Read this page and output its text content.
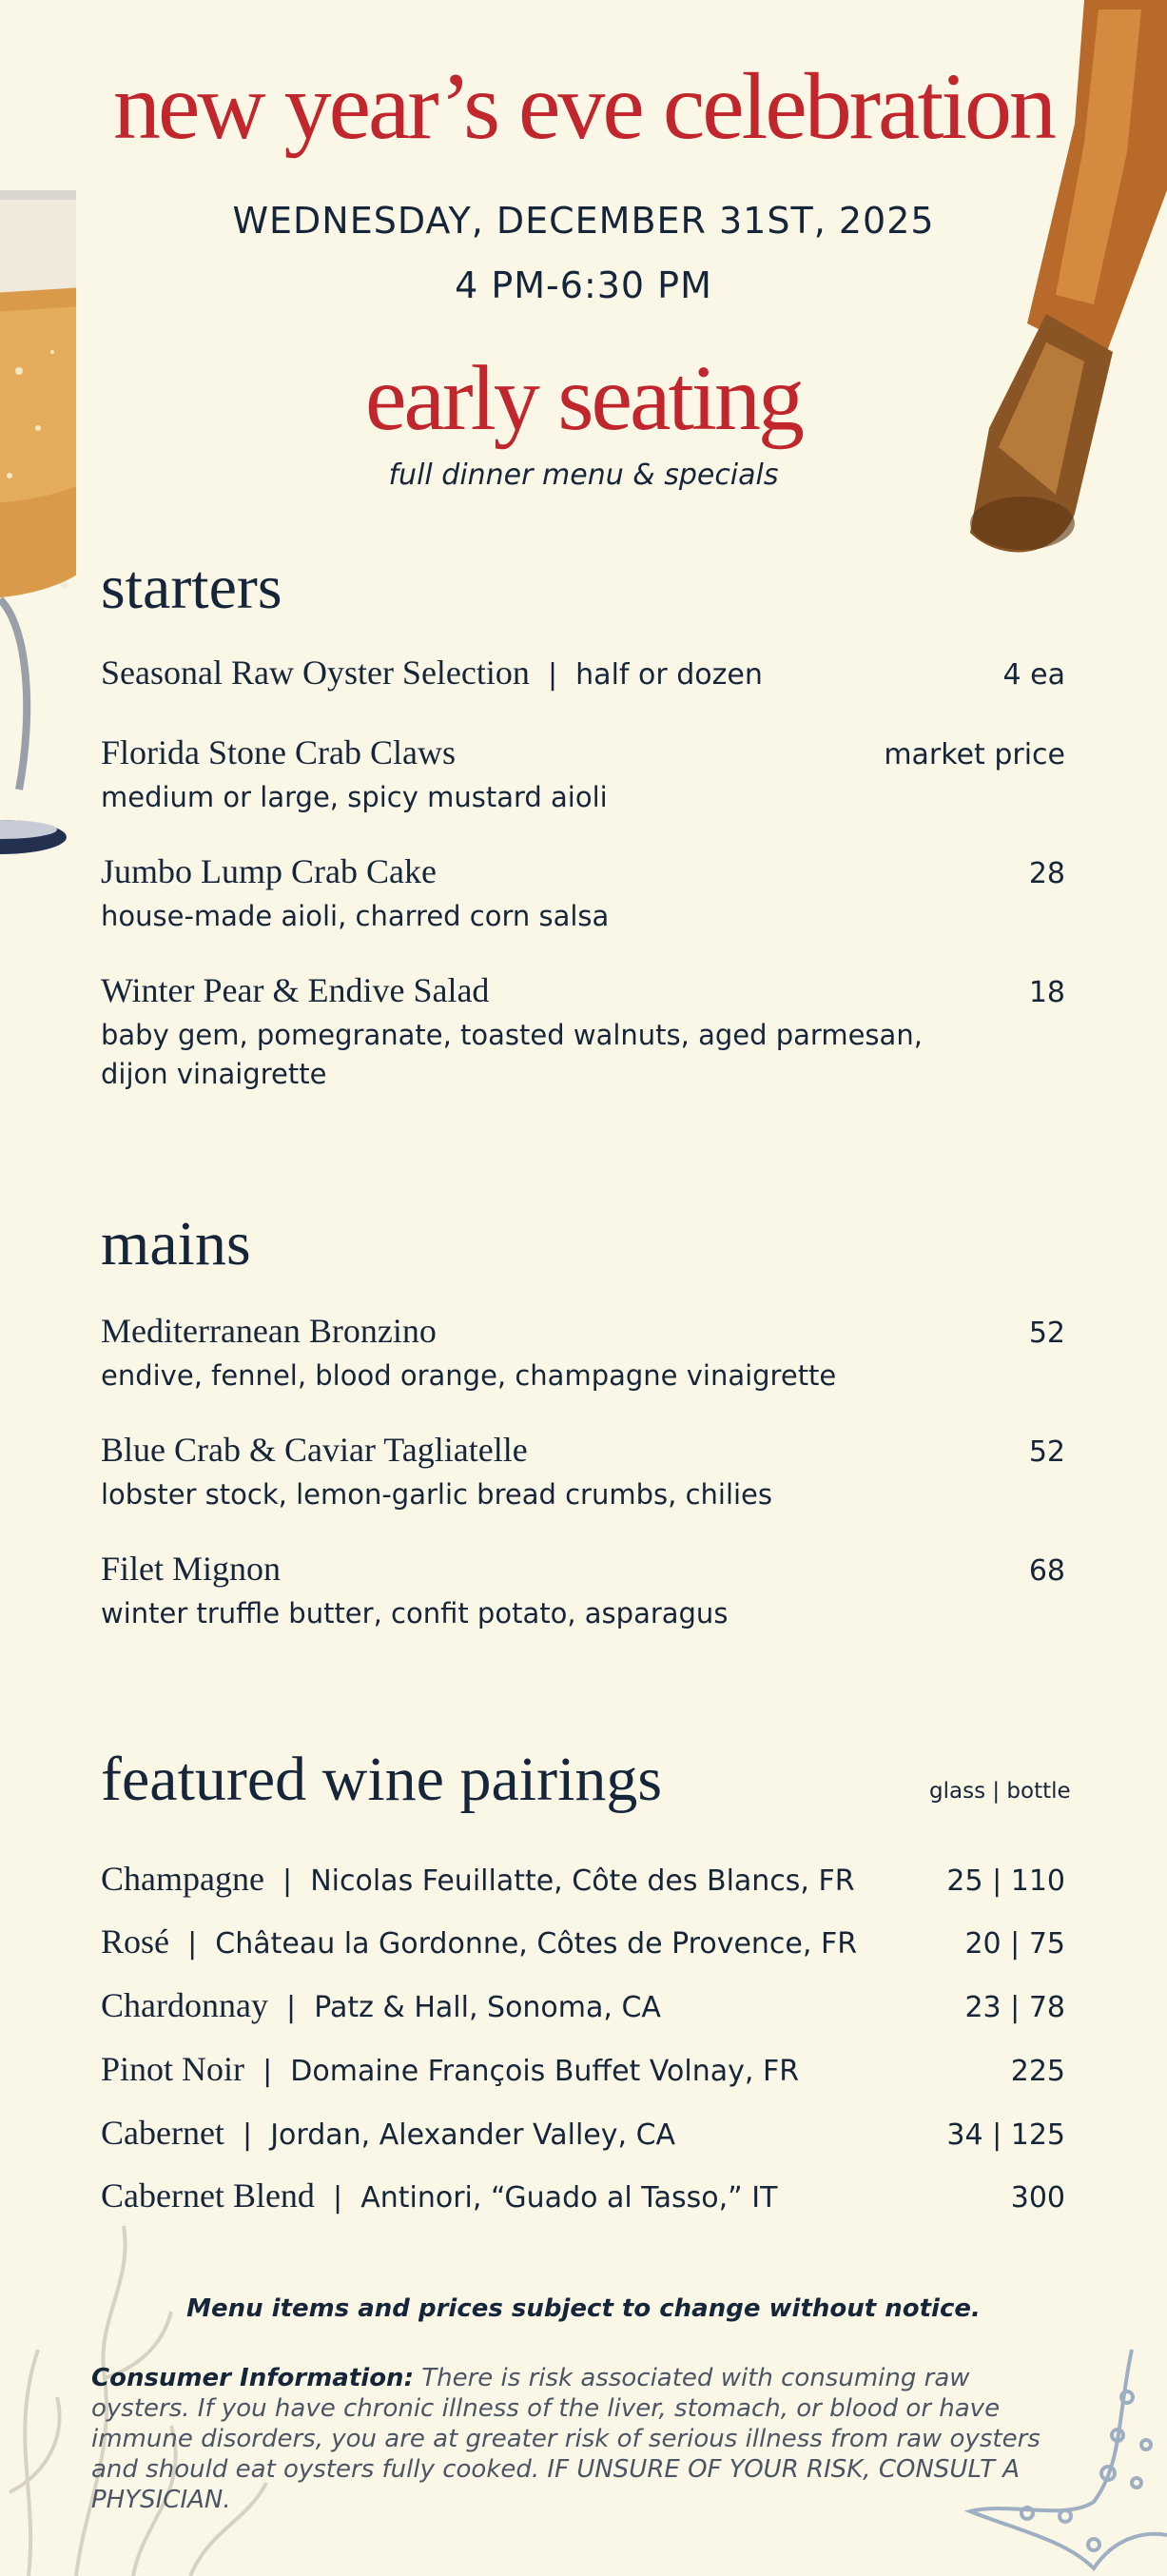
new year’s eve celebration
WEDNESDAY, DECEMBER 31ST, 2025
4 PM-6:30 PM
early seating
full dinner menu & specials
starters
Seasonal Raw Oyster Selection  |  half or dozen	4 ea
Florida Stone Crab Claws	market price
medium or large, spicy mustard aioli
Jumbo Lump Crab Cake	28
house-made aioli, charred corn salsa
Winter Pear & Endive Salad	18
baby gem, pomegranate, toasted walnuts, aged parmesan, dijon vinaigrette
mains
Mediterranean Bronzino	52
endive, fennel, blood orange, champagne vinaigrette
Blue Crab & Caviar Tagliatelle	52
lobster stock, lemon-garlic bread crumbs, chilies
Filet Mignon	68
winter truffle butter, confit potato, asparagus
featured wine pairings	glass | bottle
Champagne  |  Nicolas Feuillatte, Côte des Blancs, FR	25 | 110
Rosé  |  Château la Gordonne, Côtes de Provence, FR	20 | 75
Chardonnay  |  Patz & Hall, Sonoma, CA	23 | 78
Pinot Noir  |  Domaine François Buffet Volnay, FR	225
Cabernet  |  Jordan, Alexander Valley, CA	34 | 125
Cabernet Blend  |  Antinori, “Guado al Tasso,” IT	300
Menu items and prices subject to change without notice.
Consumer Information: There is risk associated with consuming raw oysters. If you have chronic illness of the liver, stomach, or blood or have immune disorders, you are at greater risk of serious illness from raw oysters and should eat oysters fully cooked. IF UNSURE OF YOUR RISK, CONSULT A PHYSICIAN.
